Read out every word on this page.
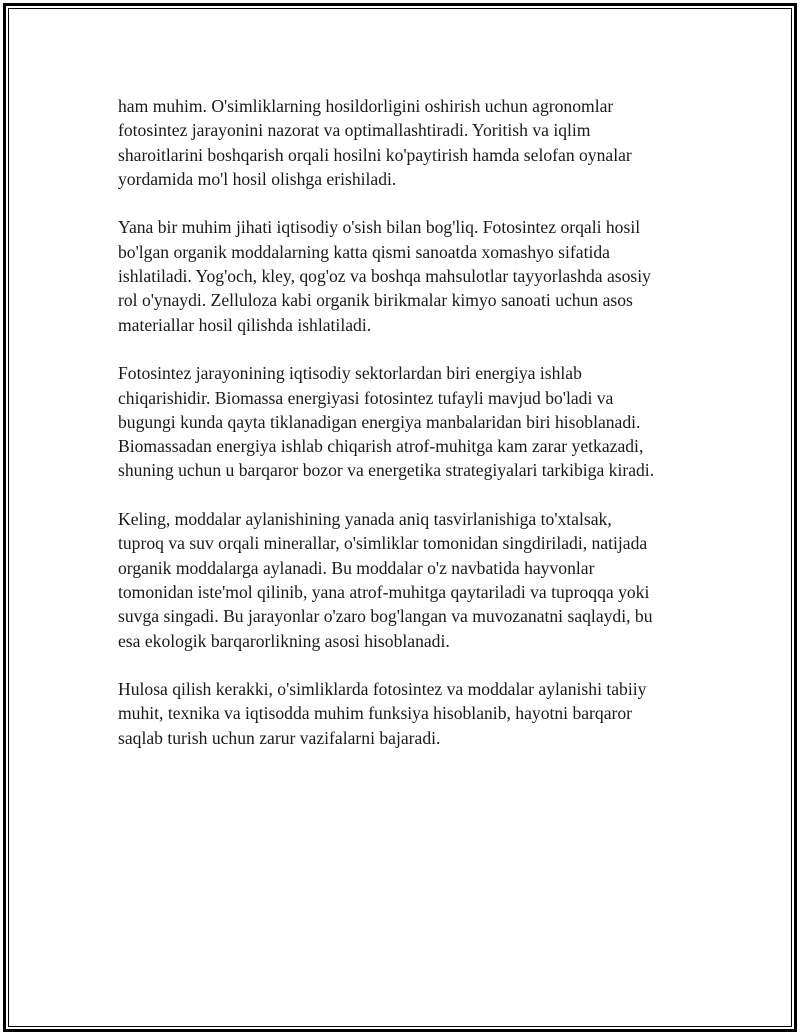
ham muhim. O'simliklarning hosildorligini oshirish uchun agronomlar
fotosintez jarayonini nazorat va optimallashtiradi. Yoritish va iqlim
sharoitlarini boshqarish orqali hosilni ko'paytirish hamda selofan oynalar
yordamida mo'l hosil olishga erishiladi.

Yana bir muhim jihati iqtisodiy o'sish bilan bog'liq. Fotosintez orqali hosil
bo'lgan organik moddalarning katta qismi sanoatda xomashyo sifatida
ishlatiladi. Yog'och, kley, qog'oz va boshqa mahsulotlar tayyorlashda asosiy
rol o'ynaydi. Zelluloza kabi organik birikmalar kimyo sanoati uchun asos
materiallar hosil qilishda ishlatiladi.

Fotosintez jarayonining iqtisodiy sektorlardan biri energiya ishlab
chiqarishidir. Biomassa energiyasi fotosintez tufayli mavjud bo'ladi va
bugungi kunda qayta tiklanadigan energiya manbalaridan biri hisoblanadi.
Biomassadan energiya ishlab chiqarish atrof-muhitga kam zarar yetkazadi,
shuning uchun u barqaror bozor va energetika strategiyalari tarkibiga kiradi.

Keling, moddalar aylanishining yanada aniq tasvirlanishiga to'xtalsak,
tuproq va suv orqali minerallar, o'simliklar tomonidan singdiriladi, natijada
organik moddalarga aylanadi. Bu moddalar o'z navbatida hayvonlar
tomonidan iste'mol qilinib, yana atrof-muhitga qaytariladi va tuproqqa yoki
suvga singadi. Bu jarayonlar o'zaro bog'langan va muvozanatni saqlaydi, bu
esa ekologik barqarorlikning asosi hisoblanadi.

Hulosa qilish kerakki, o'simliklarda fotosintez va moddalar aylanishi tabiiy
muhit, texnika va iqtisodda muhim funksiya hisoblanib, hayotni barqaror
saqlab turish uchun zarur vazifalarni bajaradi.
